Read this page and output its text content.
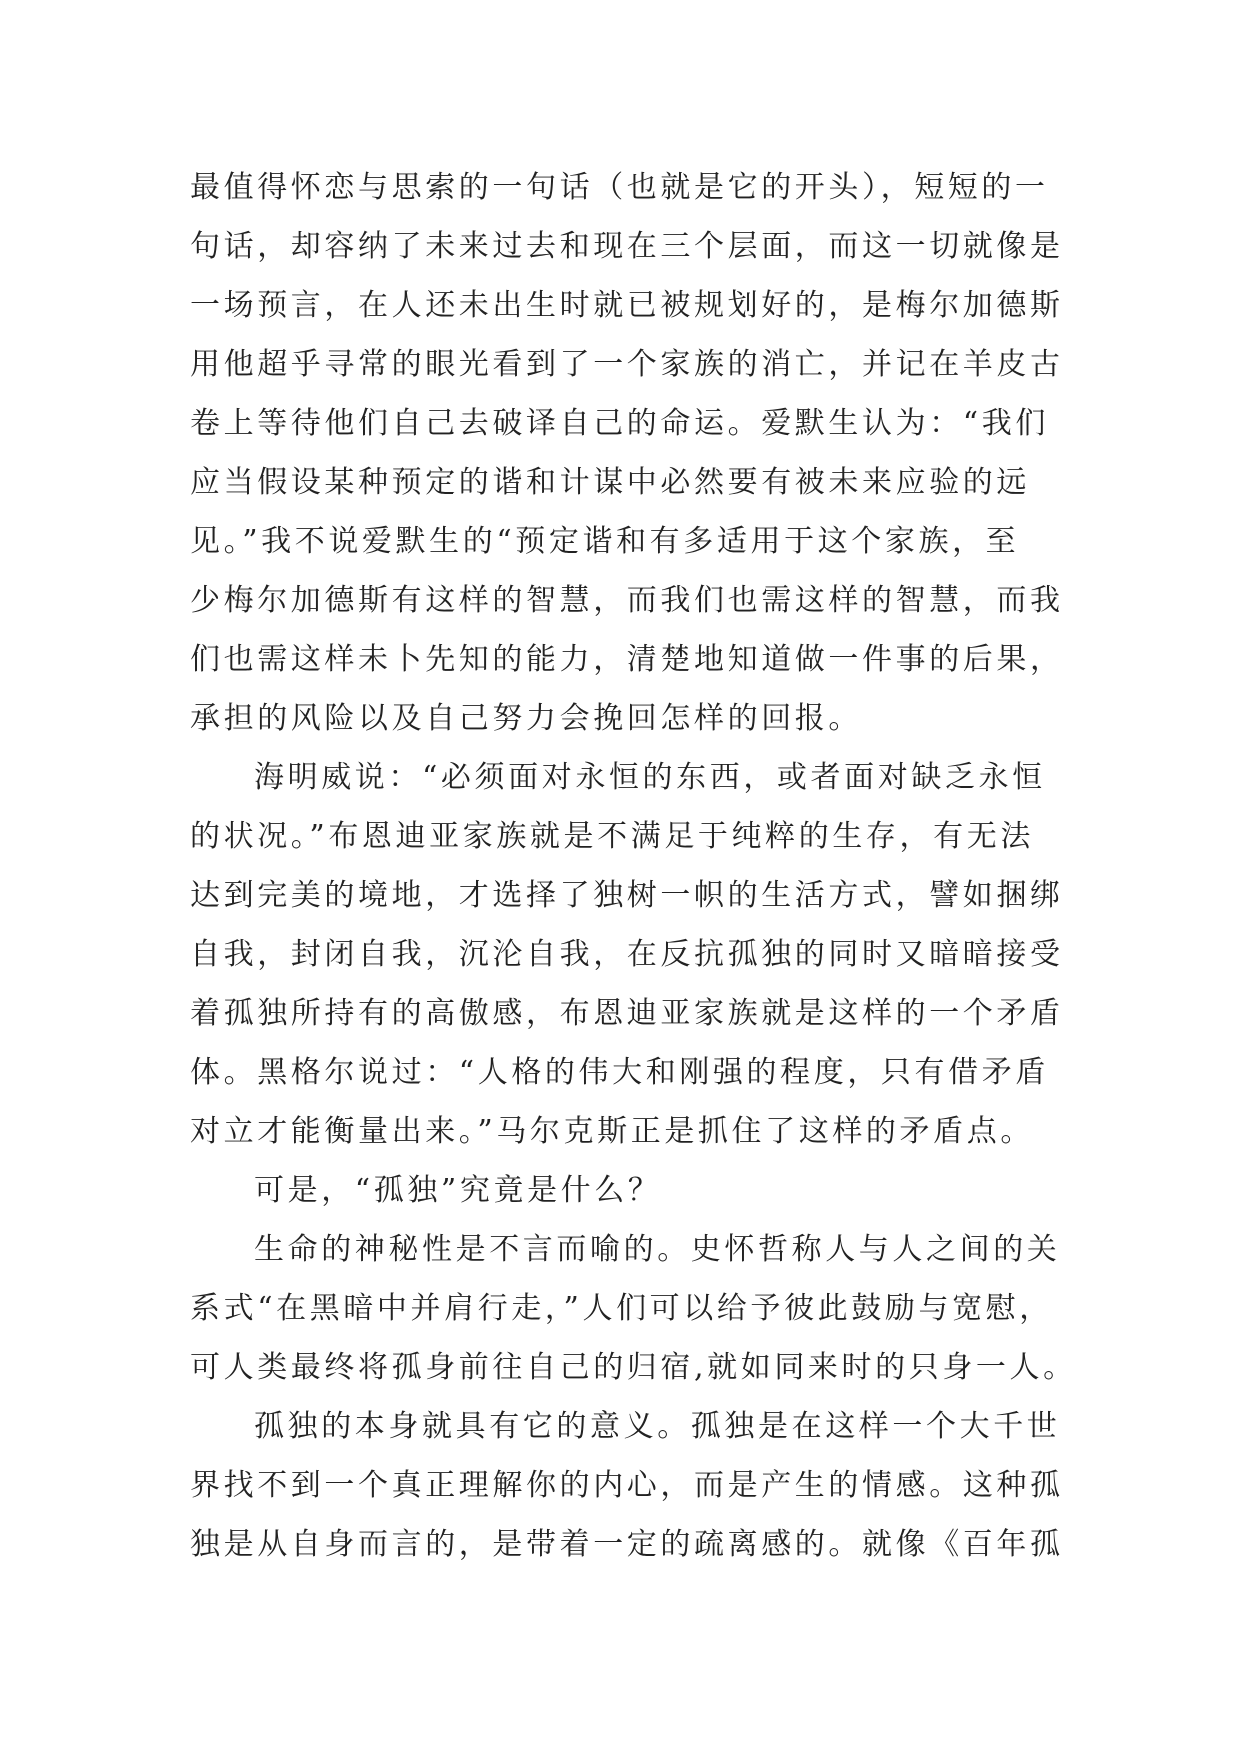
最值得怀恋与思索的一句话（也就是它的开头），短短的一
句话，却容纳了未来过去和现在三个层面，而这一切就像是
一场预言，在人还未出生时就已被规划好的，是梅尔加德斯
用他超乎寻常的眼光看到了一个家族的消亡，并记在羊皮古
卷上等待他们自己去破译自己的命运。爱默生认为：“我们
应当假设某种预定的谐和计谋中必然要有被未来应验的远
见。”我不说爱默生的“预定谐和有多适用于这个家族，至
少梅尔加德斯有这样的智慧，而我们也需这样的智慧，而我
们也需这样未卜先知的能力，清楚地知道做一件事的后果，
承担的风险以及自己努力会挽回怎样的回报。
海明威说：“必须面对永恒的东西，或者面对缺乏永恒
的状况。”布恩迪亚家族就是不满足于纯粹的生存，有无法
达到完美的境地，才选择了独树一帜的生活方式，譬如捆绑
自我，封闭自我，沉沦自我，在反抗孤独的同时又暗暗接受
着孤独所持有的高傲感，布恩迪亚家族就是这样的一个矛盾
体。黑格尔说过：“人格的伟大和刚强的程度，只有借矛盾
对立才能衡量出来。”马尔克斯正是抓住了这样的矛盾点。
可是，“孤独”究竟是什么？
生命的神秘性是不言而喻的。史怀哲称人与人之间的关
系式“在黑暗中并肩行走，”人们可以给予彼此鼓励与宽慰，
可人类最终将孤身前往自己的归宿,就如同来时的只身一人。
孤独的本身就具有它的意义。孤独是在这样一个大千世
界找不到一个真正理解你的内心，而是产生的情感。这种孤
独是从自身而言的，是带着一定的疏离感的。就像《百年孤
